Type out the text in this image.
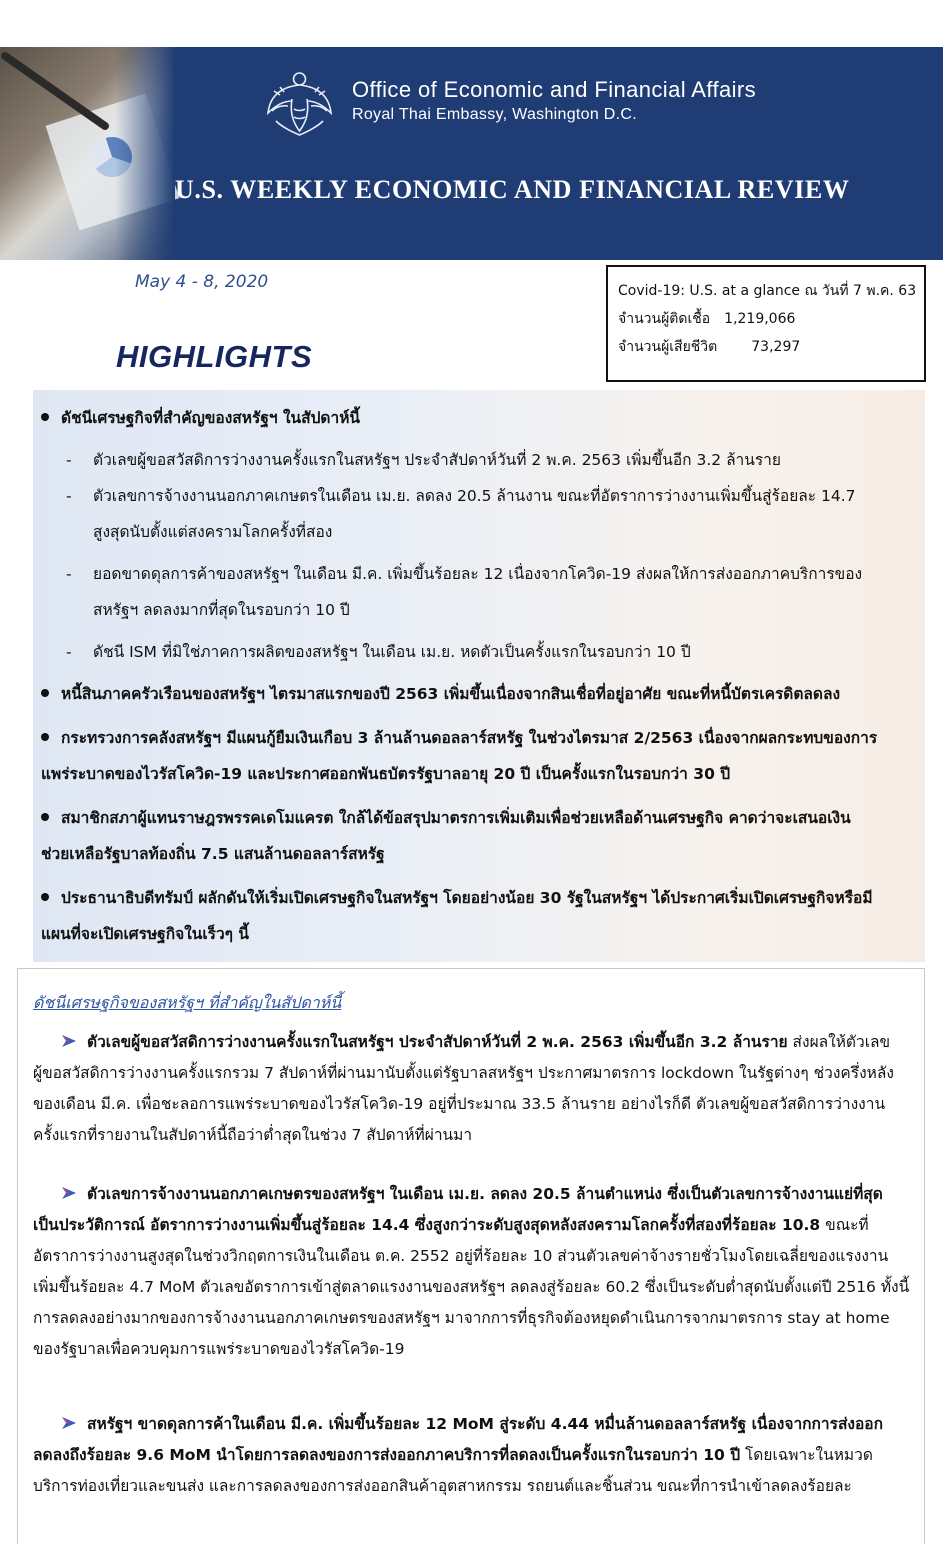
Office of Economic and Financial Affairs
Royal Thai Embassy, Washington D.C.
U.S. WEEKLY ECONOMIC AND FINANCIAL REVIEW
May 4 - 8, 2020
HIGHLIGHTS
Covid-19: U.S. at a glance ณ วันที่ 7 พ.ค. 63
จำนวนผู้ติดเชื้อ 1,219,066
จำนวนผู้เสียชีวิต 73,297
ดัชนีเศรษฐกิจที่สำคัญของสหรัฐฯ ในสัปดาห์นี้
- ตัวเลขผู้ขอสวัสดิการว่างงานครั้งแรกในสหรัฐฯ ประจำสัปดาห์วันที่ 2 พ.ค. 2563 เพิ่มขึ้นอีก 3.2 ล้านราย
- ตัวเลขการจ้างงานนอกภาคเกษตรในเดือน เม.ย. ลดลง 20.5 ล้านงาน ขณะที่อัตราการว่างงานเพิ่มขึ้นสู่ร้อยละ 14.7
สูงสุดนับตั้งแต่สงครามโลกครั้งที่สอง
- ยอดขาดดุลการค้าของสหรัฐฯ ในเดือน มี.ค. เพิ่มขึ้นร้อยละ 12 เนื่องจากโควิด-19 ส่งผลให้การส่งออกภาคบริการของ
สหรัฐฯ ลดลงมากที่สุดในรอบกว่า 10 ปี
- ดัชนี ISM ที่มิใช่ภาคการผลิตของสหรัฐฯ ในเดือน เม.ย. หดตัวเป็นครั้งแรกในรอบกว่า 10 ปี
หนี้สินภาคครัวเรือนของสหรัฐฯ ไตรมาสแรกของปี 2563 เพิ่มขึ้นเนื่องจากสินเชื่อที่อยู่อาศัย ขณะที่หนี้บัตรเครดิตลดลง
กระทรวงการคลังสหรัฐฯ มีแผนกู้ยืมเงินเกือบ 3 ล้านล้านดอลลาร์สหรัฐ ในช่วงไตรมาส 2/2563 เนื่องจากผลกระทบของการ
แพร่ระบาดของไวรัสโควิด-19 และประกาศออกพันธบัตรรัฐบาลอายุ 20 ปี เป็นครั้งแรกในรอบกว่า 30 ปี
สมาชิกสภาผู้แทนราษฎรพรรคเดโมแครต ใกล้ได้ข้อสรุปมาตรการเพิ่มเติมเพื่อช่วยเหลือด้านเศรษฐกิจ คาดว่าจะเสนอเงิน
ช่วยเหลือรัฐบาลท้องถิ่น 7.5 แสนล้านดอลลาร์สหรัฐ
ประธานาธิบดีทรัมป์ ผลักดันให้เริ่มเปิดเศรษฐกิจในสหรัฐฯ โดยอย่างน้อย 30 รัฐในสหรัฐฯ ได้ประกาศเริ่มเปิดเศรษฐกิจหรือมี
แผนที่จะเปิดเศรษฐกิจในเร็วๆ นี้
ดัชนีเศรษฐกิจของสหรัฐฯ ที่สำคัญในสัปดาห์นี้
ตัวเลขผู้ขอสวัสดิการว่างงานครั้งแรกในสหรัฐฯ ประจำสัปดาห์วันที่ 2 พ.ค. 2563 เพิ่มขึ้นอีก 3.2 ล้านราย ส่งผลให้ตัวเลข
ผู้ขอสวัสดิการว่างงานครั้งแรกรวม 7 สัปดาห์ที่ผ่านมานับตั้งแต่รัฐบาลสหรัฐฯ ประกาศมาตรการ lockdown ในรัฐต่างๆ ช่วงครึ่งหลัง
ของเดือน มี.ค. เพื่อชะลอการแพร่ระบาดของไวรัสโควิด-19 อยู่ที่ประมาณ 33.5 ล้านราย อย่างไรก็ดี ตัวเลขผู้ขอสวัสดิการว่างงาน
ครั้งแรกที่รายงานในสัปดาห์นี้ถือว่าต่ำสุดในช่วง 7 สัปดาห์ที่ผ่านมา
ตัวเลขการจ้างงานนอกภาคเกษตรของสหรัฐฯ ในเดือน เม.ย. ลดลง 20.5 ล้านตำแหน่ง ซึ่งเป็นตัวเลขการจ้างงานแย่ที่สุด
เป็นประวัติการณ์ อัตราการว่างงานเพิ่มขึ้นสู่ร้อยละ 14.4 ซึ่งสูงกว่าระดับสูงสุดหลังสงครามโลกครั้งที่สองที่ร้อยละ 10.8 ขณะที่
อัตราการว่างงานสูงสุดในช่วงวิกฤตการเงินในเดือน ต.ค. 2552 อยู่ที่ร้อยละ 10 ส่วนตัวเลขค่าจ้างรายชั่วโมงโดยเฉลี่ยของแรงงาน
เพิ่มขึ้นร้อยละ 4.7 MoM ตัวเลขอัตราการเข้าสู่ตลาดแรงงานของสหรัฐฯ ลดลงสู่ร้อยละ 60.2 ซึ่งเป็นระดับต่ำสุดนับตั้งแต่ปี 2516 ทั้งนี้
การลดลงอย่างมากของการจ้างงานนอกภาคเกษตรของสหรัฐฯ มาจากการที่ธุรกิจต้องหยุดดำเนินการจากมาตรการ stay at home
ของรัฐบาลเพื่อควบคุมการแพร่ระบาดของไวรัสโควิด-19
สหรัฐฯ ขาดดุลการค้าในเดือน มี.ค. เพิ่มขึ้นร้อยละ 12 MoM สู่ระดับ 4.44 หมื่นล้านดอลลาร์สหรัฐ เนื่องจากการส่งออก
ลดลงถึงร้อยละ 9.6 MoM นำโดยการลดลงของการส่งออกภาคบริการที่ลดลงเป็นครั้งแรกในรอบกว่า 10 ปี โดยเฉพาะในหมวด
บริการท่องเที่ยวและขนส่ง และการลดลงของการส่งออกสินค้าอุตสาหกรรม รถยนต์และชิ้นส่วน ขณะที่การนำเข้าลดลงร้อยละ
